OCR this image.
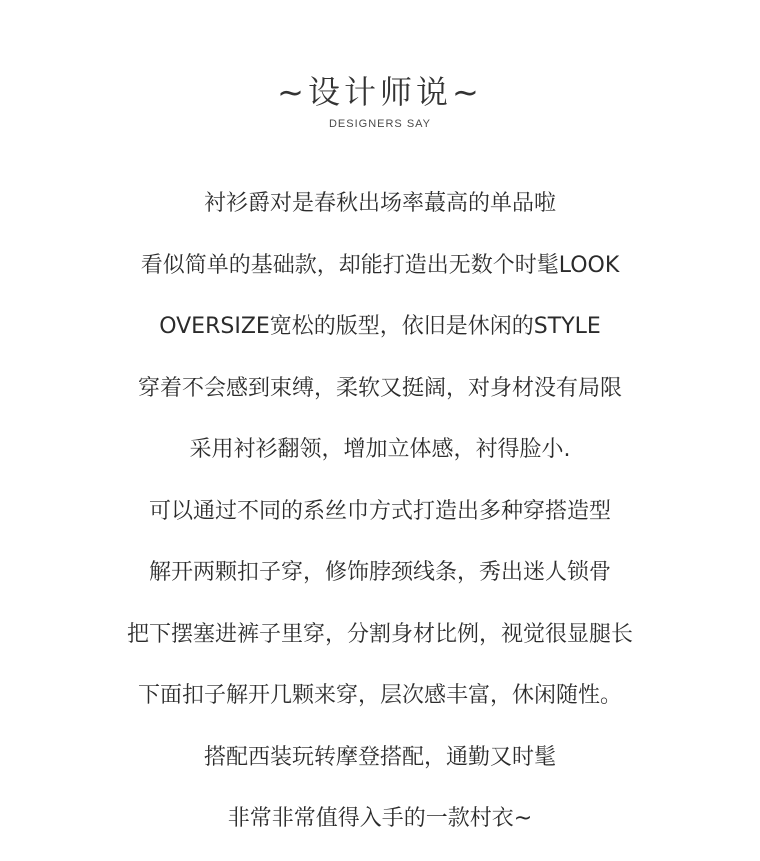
~设计师说~
DESIGNERS SAY
衬衫爵对是春秋出场率蕞高的单品啦
看似简单的基础款，却能打造出无数个时髦LOOK
OVERSIZE宽松的版型，依旧是休闲的STYLE
穿着不会感到束缚，柔软又挺阔，对身材没有局限
采用衬衫翻领，增加立体感，衬得脸小.
可以通过不同的系丝巾方式打造出多种穿搭造型
解开两颗扣子穿，修饰脖颈线条，秀出迷人锁骨
把下摆塞进裤子里穿，分割身材比例，视觉很显腿长
下面扣子解开几颗来穿，层次感丰富，休闲随性。
搭配西装玩转摩登搭配，通勤又时髦
非常非常值得入手的一款村衣~
